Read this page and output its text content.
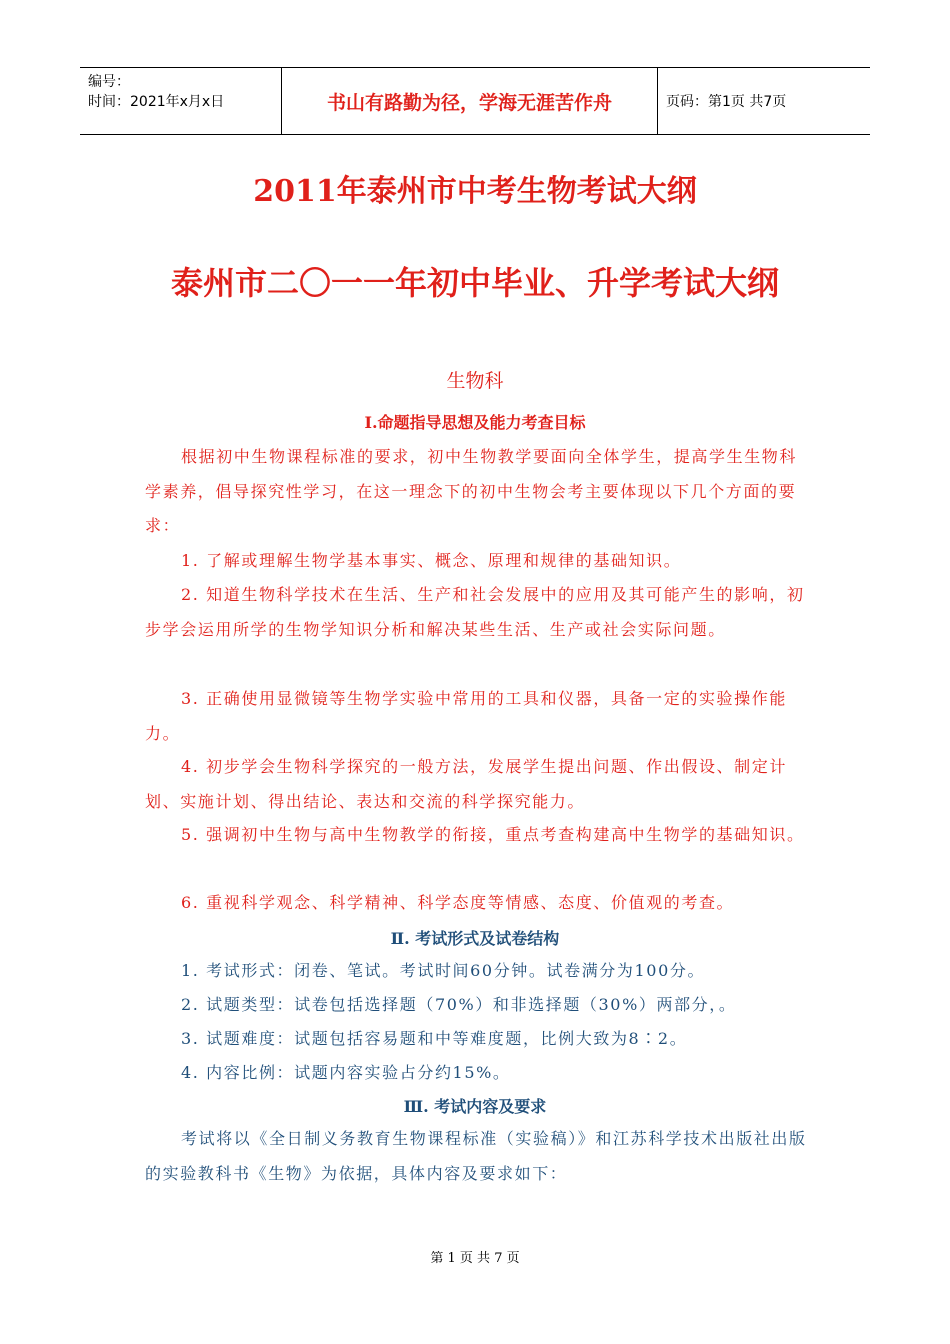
编号：
时间：2021年x月x日	书山有路勤为径，学海无涯苦作舟	页码：第1页 共7页
2011年泰州市中考生物考试大纲
泰州市二〇一一年初中毕业、升学考试大纲
生物科
Ⅰ.命题指导思想及能力考查目标
根据初中生物课程标准的要求，初中生物教学要面向全体学生，提高学生生物科学素养，倡导探究性学习，在这一理念下的初中生物会考主要体现以下几个方面的要求：
1. 了解或理解生物学基本事实、概念、原理和规律的基础知识。
2. 知道生物科学技术在生活、生产和社会发展中的应用及其可能产生的影响，初步学会运用所学的生物学知识分析和解决某些生活、生产或社会实际问题。
3. 正确使用显微镜等生物学实验中常用的工具和仪器，具备一定的实验操作能力。
4. 初步学会生物科学探究的一般方法，发展学生提出问题、作出假设、制定计划、实施计划、得出结论、表达和交流的科学探究能力。
5. 强调初中生物与高中生物教学的衔接，重点考查构建高中生物学的基础知识。
6. 重视科学观念、科学精神、科学态度等情感、态度、价值观的考查。
Ⅱ. 考试形式及试卷结构
1. 考试形式：闭卷、笔试。考试时间60分钟。试卷满分为100分。
2. 试题类型：试卷包括选择题（70%）和非选择题（30%）两部分，。
3. 试题难度：试题包括容易题和中等难度题，比例大致为8∶2。
4. 内容比例：试题内容实验占分约15%。
Ⅲ. 考试内容及要求
考试将以《全日制义务教育生物课程标准（实验稿）》和江苏科学技术出版社出版的实验教科书《生物》为依据，具体内容及要求如下：
第 1 页 共 7 页
